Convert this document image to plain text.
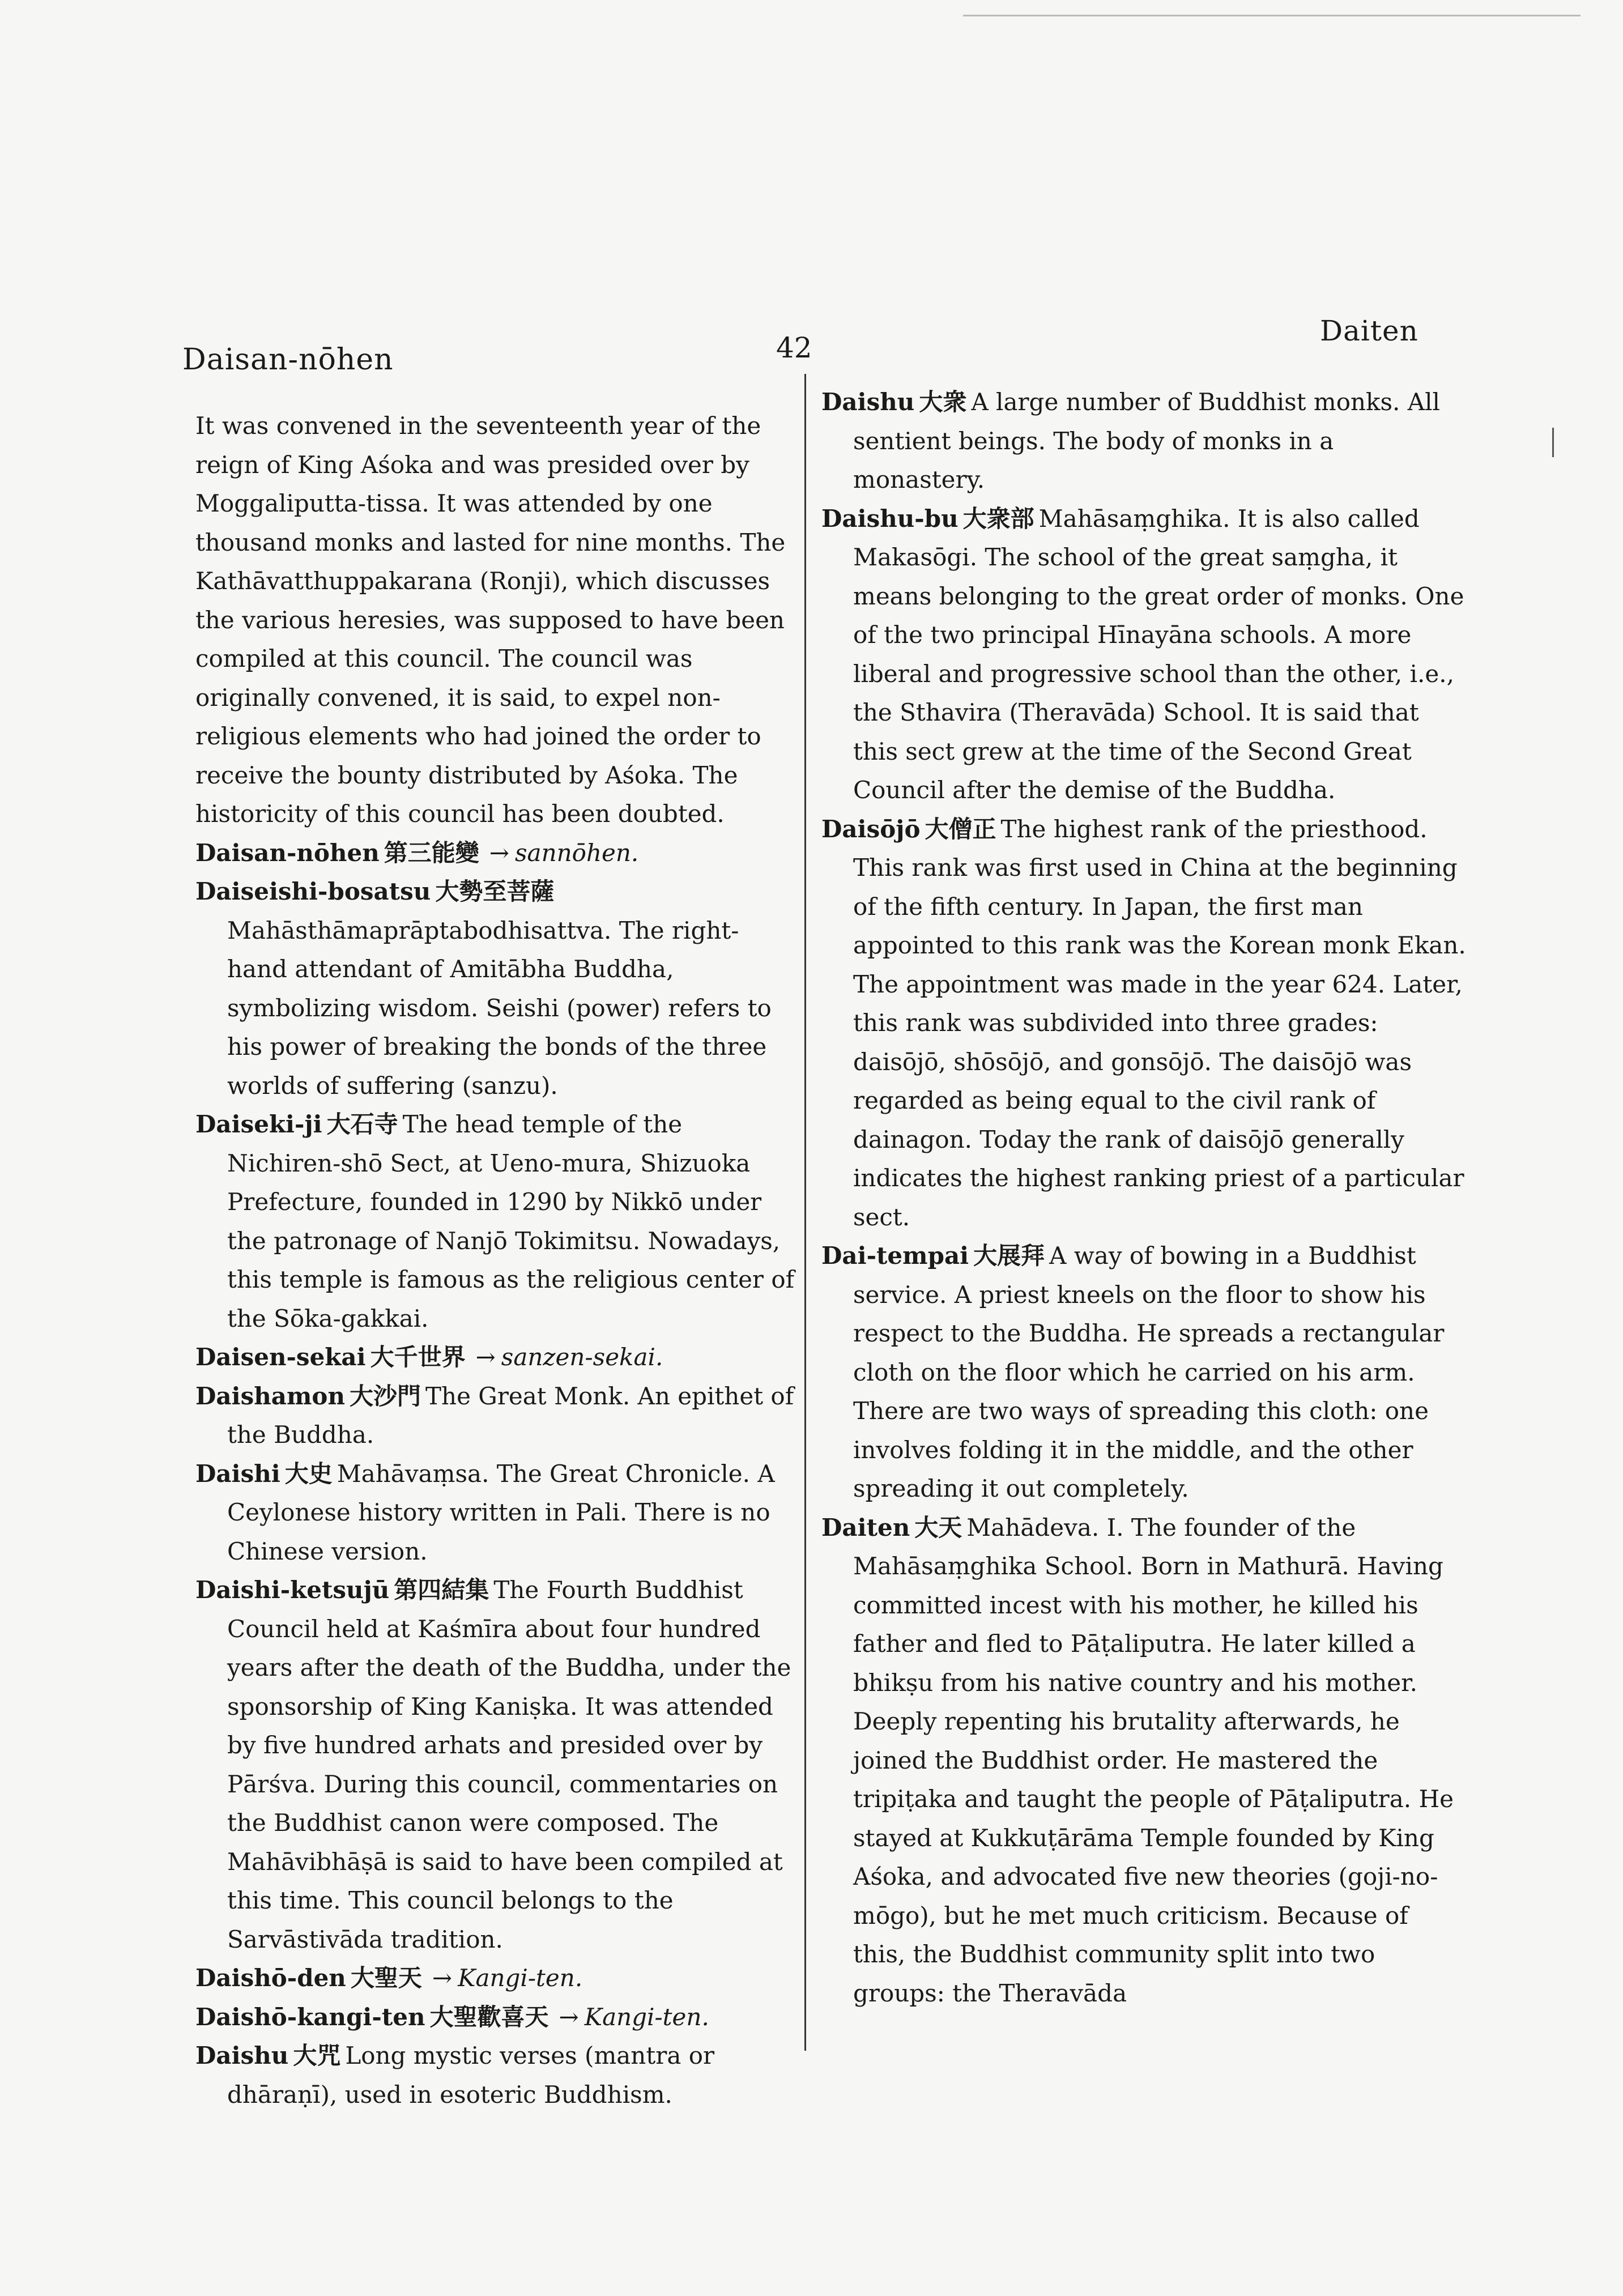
Daisan-nōhen	42
Daiten
It was convened in the seventeenth year of the reign of King Aśoka and was presided over by Moggaliputta-tissa. It was attended by one thousand monks and lasted for nine months. The Kathāvatthuppakarana (Ronji), which discusses the various heresies, was supposed to have been compiled at this council. The council was originally convened, it is said, to expel non-religious elements who had joined the order to receive the bounty distributed by Aśoka. The historicity of this council has been doubted.
Daisan-nōhen 第三能變 → sannōhen.
Daiseishi-bosatsu 大勢至菩薩Mahāsthāmaprāptabodhisattva. The right-hand attendant of Amitābha Buddha, symbolizing wisdom. Seishi (power) refers to his power of breaking the bonds of the three worlds of suffering (sanzu).
Daiseki-ji 大石寺 The head temple of the Nichiren-shō Sect, at Ueno-mura, Shizuoka Prefecture, founded in 1290 by Nikkō under the patronage of Nanjō Tokimitsu. Nowadays, this temple is famous as the religious center of the Sōka-gakkai.
Daisen-sekai 大千世界 → sanzen-sekai.
Daishamon 大沙門 The Great Monk. An epithet of the Buddha.
Daishi 大史 Mahāvaṃsa. The Great Chronicle. A Ceylonese history written in Pali. There is no Chinese version.
Daishi-ketsujū 第四結集 The Fourth Buddhist Council held at Kaśmīra about four hundred years after the death of the Buddha, under the sponsorship of King Kaniṣka. It was attended by five hundred arhats and presided over by Pārśva. During this council, commentaries on the Buddhist canon were composed. The Mahāvibhāṣā is said to have been compiled at this time. This council belongs to the Sarvāstivāda tradition.
Daishō-den 大聖天 → Kangi-ten.
Daishō-kangi-ten 大聖歡喜天 → Kangi-ten.
Daishu 大咒 Long mystic verses (mantra or dhāraṇī), used in esoteric Buddhism.
Daishu 大衆 A large number of Buddhist monks. All sentient beings. The body of monks in a monastery.
Daishu-bu 大衆部 Mahāsaṃghika. It is also called Makasōgi. The school of the great saṃgha, it means belonging to the great order of monks. One of the two principal Hīnayāna schools. A more liberal and progressive school than the other, i.e., the Sthavira (Theravāda) School. It is said that this sect grew at the time of the Second Great Council after the demise of the Buddha.
Daisōjō 大僧正 The highest rank of the priesthood. This rank was first used in China at the beginning of the fifth century. In Japan, the first man appointed to this rank was the Korean monk Ekan. The appointment was made in the year 624. Later, this rank was subdivided into three grades: daisōjō, shōsōjō, and gonsōjō. The daisōjō was regarded as being equal to the civil rank of dainagon. Today the rank of daisōjō generally indicates the highest ranking priest of a particular sect.
Dai-tempai 大展拜 A way of bowing in a Buddhist service. A priest kneels on the floor to show his respect to the Buddha. He spreads a rectangular cloth on the floor which he carried on his arm. There are two ways of spreading this cloth: one involves folding it in the middle, and the other spreading it out completely.
Daiten 大天 Mahādeva. I. The founder of the Mahāsaṃghika School. Born in Mathurā. Having committed incest with his mother, he killed his father and fled to Pāṭaliputra. He later killed a bhikṣu from his native country and his mother. Deeply repenting his brutality afterwards, he joined the Buddhist order. He mastered the tripiṭaka and taught the people of Pāṭaliputra. He stayed at Kukkuṭārāma Temple founded by King Aśoka, and advocated five new theories (goji-no-mōgo), but he met much criticism. Because of this, the Buddhist community split into two groups: the Theravāda
